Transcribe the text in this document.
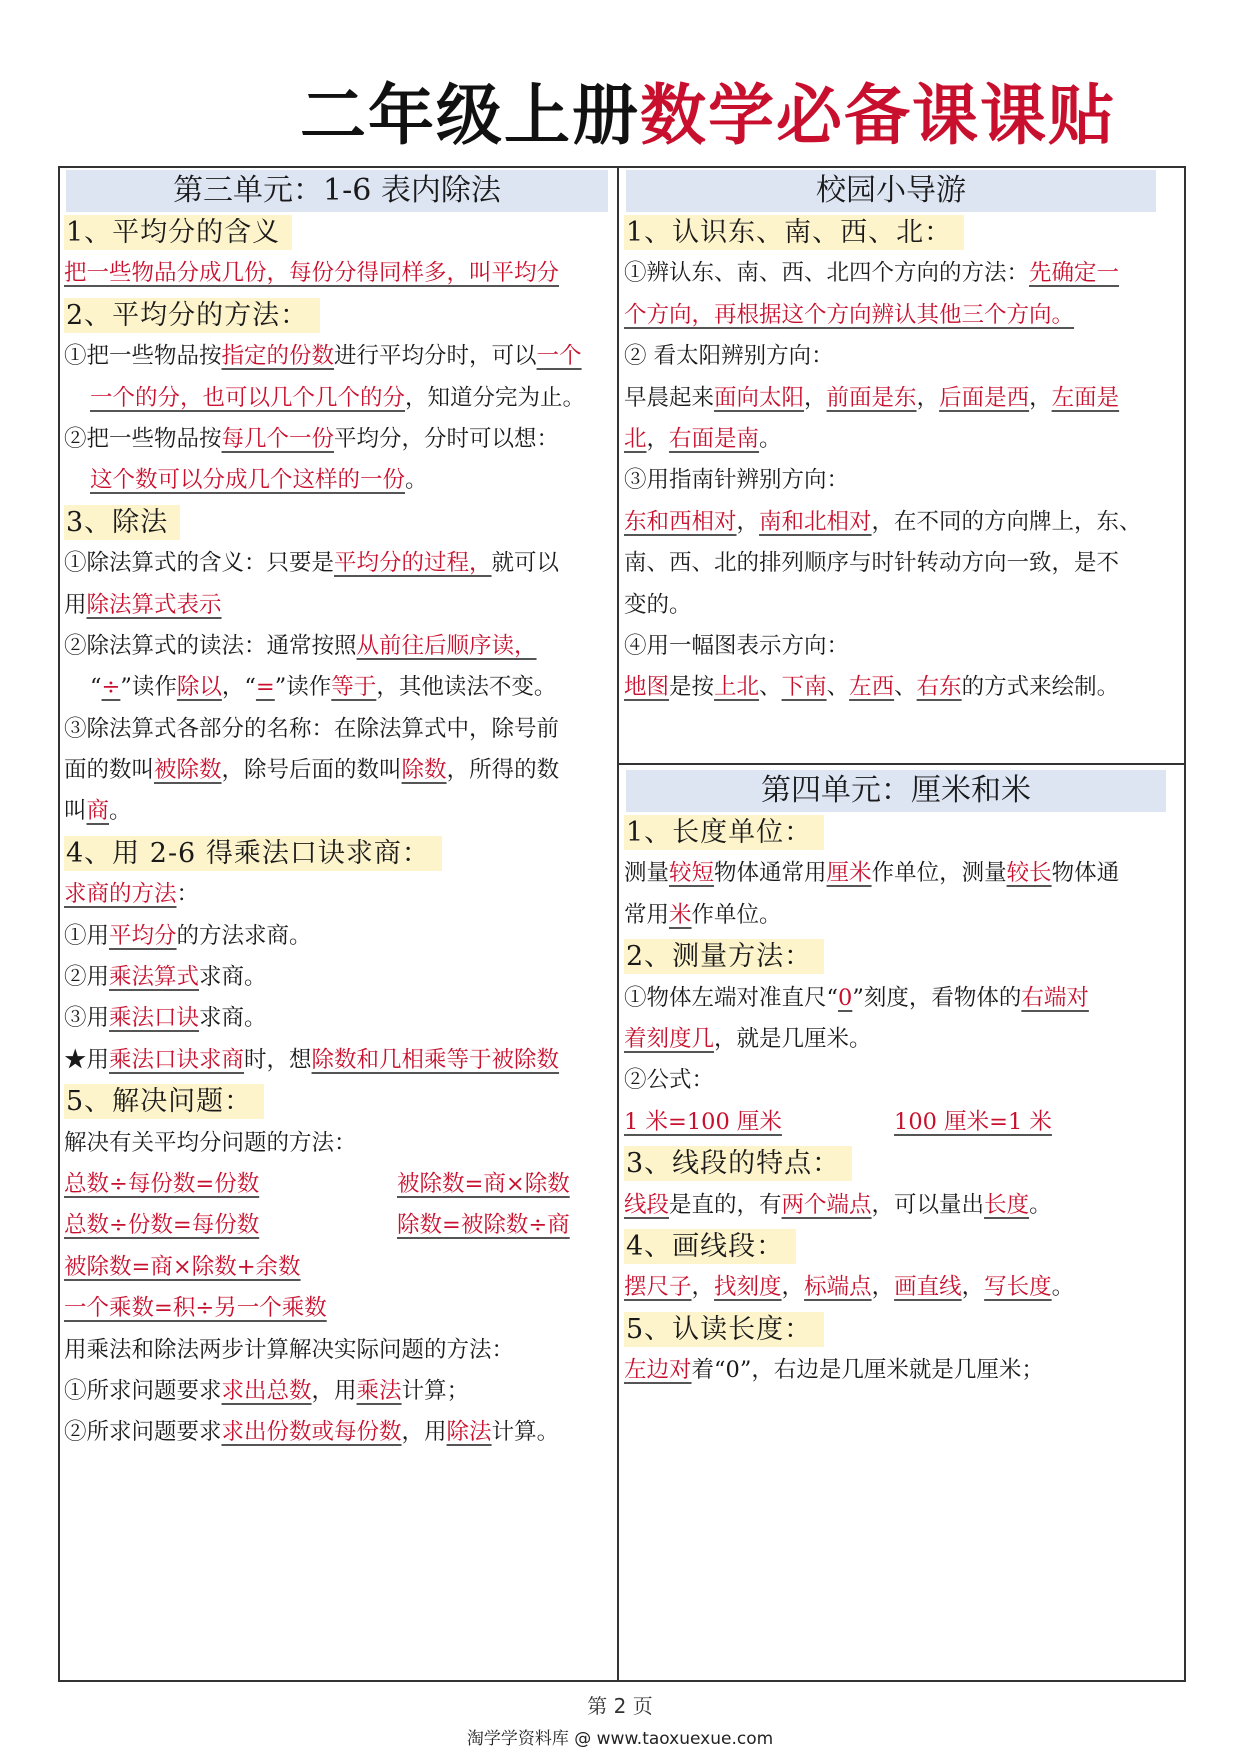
二年级上册数学必备课课贴
第三单元：1-6 表内除法
1、平均分的含义
把一些物品分成几份，每份分得同样多，叫平均分
2、平均分的方法：
①把一些物品按指定的份数进行平均分时，可以一个
一个的分，也可以几个几个的分，知道分完为止。
②把一些物品按每几个一份平均分，分时可以想：
这个数可以分成几个这样的一份。
3、除法
①除法算式的含义：只要是平均分的过程，就可以
用除法算式表示
②除法算式的读法：通常按照从前往后顺序读，
“÷”读作除以，“=”读作等于，其他读法不变。
③除法算式各部分的名称：在除法算式中，除号前
面的数叫被除数，除号后面的数叫除数，所得的数
叫商。
4、用 2-6 得乘法口诀求商：
求商的方法：
①用平均分的方法求商。
②用乘法算式求商。
③用乘法口诀求商。
★用乘法口诀求商时，想除数和几相乘等于被除数
5、解决问题：
解决有关平均分问题的方法：
总数÷每份数=份数	被除数=商×除数
总数÷份数=每份数	除数=被除数÷商
被除数=商×除数+余数
一个乘数=积÷另一个乘数
用乘法和除法两步计算解决实际问题的方法：
①所求问题要求求出总数，用乘法计算；
②所求问题要求求出份数或每份数，用除法计算。
校园小导游
1、认识东、南、西、北：
①辨认东、南、西、北四个方向的方法：先确定一
个方向，再根据这个方向辨认其他三个方向。
② 看太阳辨别方向：
早晨起来面向太阳，前面是东，后面是西，左面是
北，右面是南。
③用指南针辨别方向：
东和西相对，南和北相对，在不同的方向牌上，东、
南、西、北的排列顺序与时针转动方向一致，是不
变的。
④用一幅图表示方向：
地图是按上北、下南、左西、右东的方式来绘制。
第四单元：厘米和米
1、长度单位：
测量较短物体通常用厘米作单位，测量较长物体通
常用米作单位。
2、测量方法：
①物体左端对准直尺“0”刻度，看物体的右端对
着刻度几，就是几厘米。
②公式：
1 米=100 厘米	100 厘米=1 米
3、线段的特点：
线段是直的，有两个端点，可以量出长度。
4、画线段：
摆尺子，找刻度，标端点，画直线，写长度。
5、认读长度：
左边对着“0”，右边是几厘米就是几厘米；
第 2 页
淘学学资料库 @ www.taoxuexue.com
